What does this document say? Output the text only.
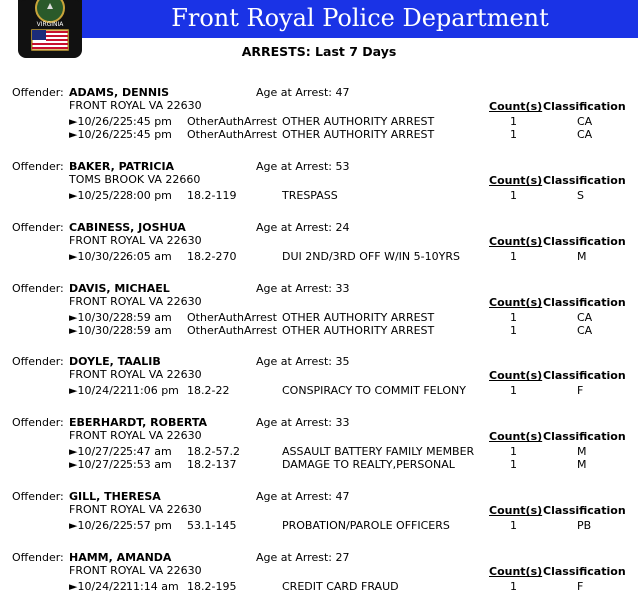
VIRGINIA	Front Royal Police Department
ARRESTS: Last 7 Days
Offender: ADAMS, DENNIS	Age at Arrest: 47
FRONT ROYAL VA 22630	Count(s) Classification
►10/26/22 5:45 pm OtherAuthArrest OTHER AUTHORITY ARREST	1	CA
►10/26/22 5:45 pm OtherAuthArrest OTHER AUTHORITY ARREST	1	CA
Offender: BAKER, PATRICIA	Age at Arrest: 53
TOMS BROOK VA 22660	Count(s) Classification
►10/25/22 8:00 pm 18.2-119	TRESPASS	1	S
Offender: CABINESS, JOSHUA	Age at Arrest: 24
FRONT ROYAL VA 22630	Count(s) Classification
►10/30/22 6:05 am 18.2-270	DUI 2ND/3RD OFF W/IN 5-10YRS	1	M
Offender: DAVIS, MICHAEL	Age at Arrest: 33
FRONT ROYAL VA 22630	Count(s) Classification
►10/30/22 8:59 am OtherAuthArrest OTHER AUTHORITY ARREST	1	CA
►10/30/22 8:59 am OtherAuthArrest OTHER AUTHORITY ARREST	1	CA
Offender: DOYLE, TAALIB	Age at Arrest: 35
FRONT ROYAL VA 22630	Count(s) Classification
►10/24/22 11:06 pm 18.2-22	CONSPIRACY TO COMMIT FELONY	1	F
Offender: EBERHARDT, ROBERTA	Age at Arrest: 33
FRONT ROYAL VA 22630	Count(s) Classification
►10/27/22 5:47 am 18.2-57.2	ASSAULT BATTERY FAMILY MEMBER	1	M
►10/27/22 5:53 am 18.2-137	DAMAGE TO REALTY,PERSONAL	1	M
Offender: GILL, THERESA	Age at Arrest: 47
FRONT ROYAL VA 22630	Count(s) Classification
►10/26/22 5:57 pm 53.1-145	PROBATION/PAROLE OFFICERS	1	PB
Offender: HAMM, AMANDA	Age at Arrest: 27
FRONT ROYAL VA 22630	Count(s) Classification
►10/24/22 11:14 am 18.2-195	CREDIT CARD FRAUD	1	F
